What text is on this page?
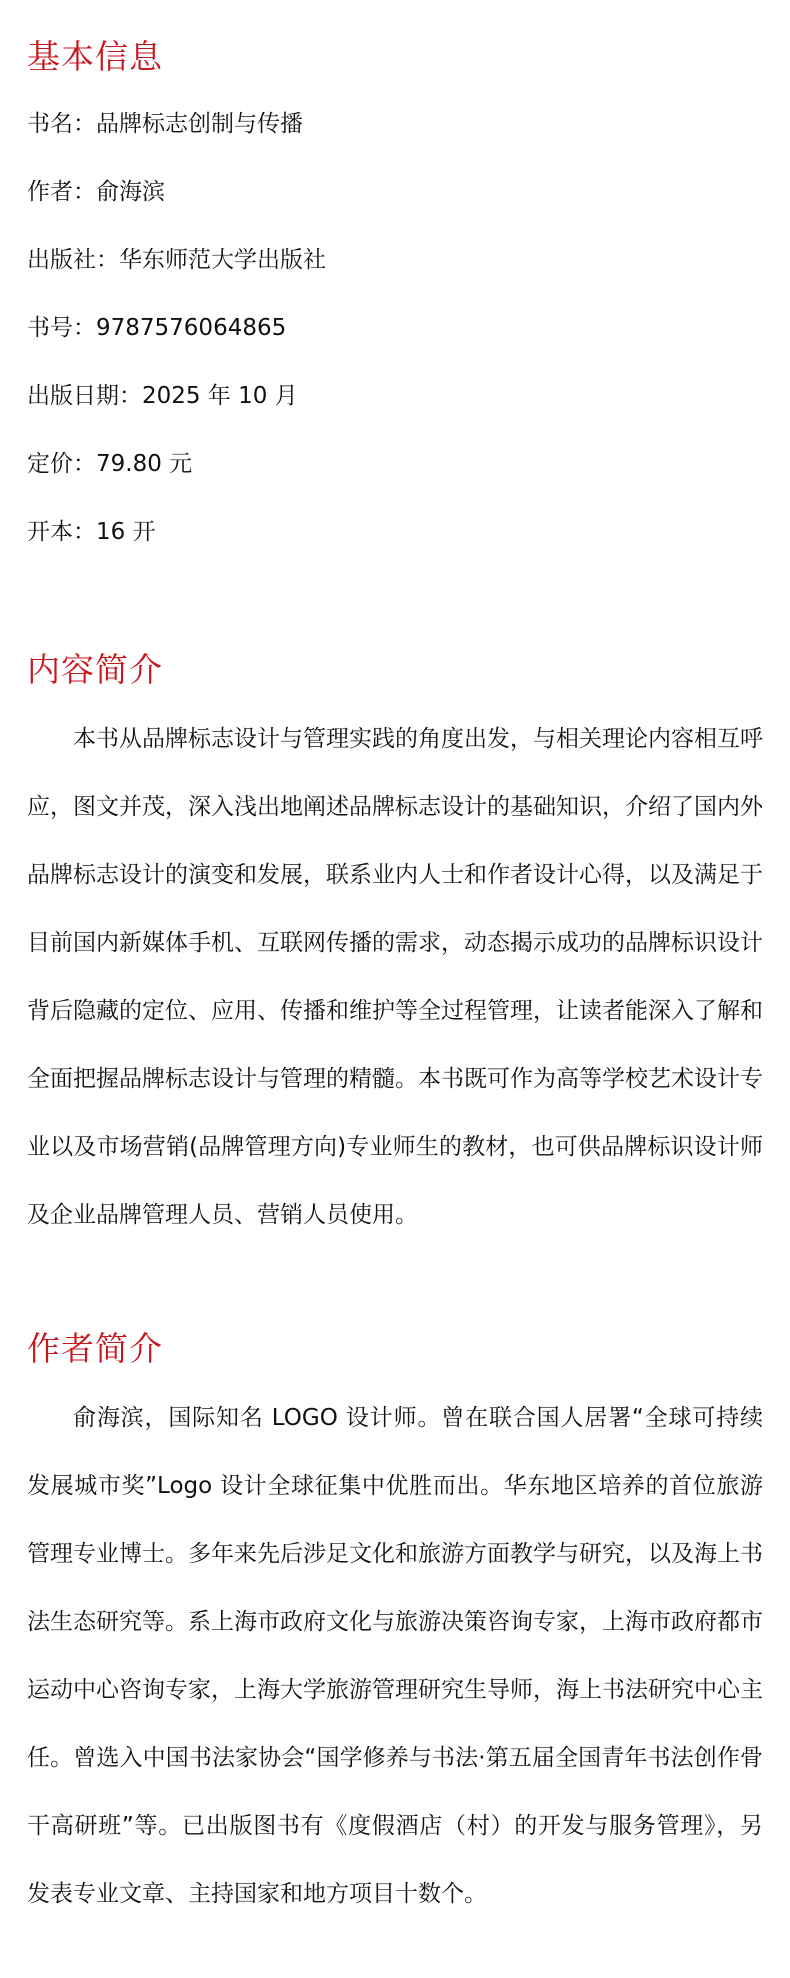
基本信息
书名：品牌标志创制与传播
作者：俞海滨
出版社：华东师范大学出版社
书号：9787576064865
出版日期：2025 年 10 月
定价：79.80 元
开本：16 开
内容简介

本书从品牌标志设计与管理实践的角度出发，与相关理论内容相互呼应，图文并茂，深入浅出地阐述品牌标志设计的基础知识，介绍了国内外品牌标志设计的演变和发展，联系业内人士和作者设计心得，以及满足于目前国内新媒体手机、互联网传播的需求，动态揭示成功的品牌标识设计背后隐藏的定位、应用、传播和维护等全过程管理，让读者能深入了解和全面把握品牌标志设计与管理的精髓。本书既可作为高等学校艺术设计专业以及市场营销(品牌管理方向)专业师生的教材，也可供品牌标识设计师及企业品牌管理人员、营销人员使用。

作者简介

俞海滨，国际知名 LOGO 设计师。曾在联合国人居署“全球可持续发展城市奖”Logo 设计全球征集中优胜而出。华东地区培养的首位旅游管理专业博士。多年来先后涉足文化和旅游方面教学与研究，以及海上书法生态研究等。系上海市政府文化与旅游决策咨询专家，上海市政府都市运动中心咨询专家，上海大学旅游管理研究生导师，海上书法研究中心主任。曾选入中国书法家协会“国学修养与书法·第五届全国青年书法创作骨干高研班”等。已出版图书有《度假酒店（村）的开发与服务管理》，另发表专业文章、主持国家和地方项目十数个。
